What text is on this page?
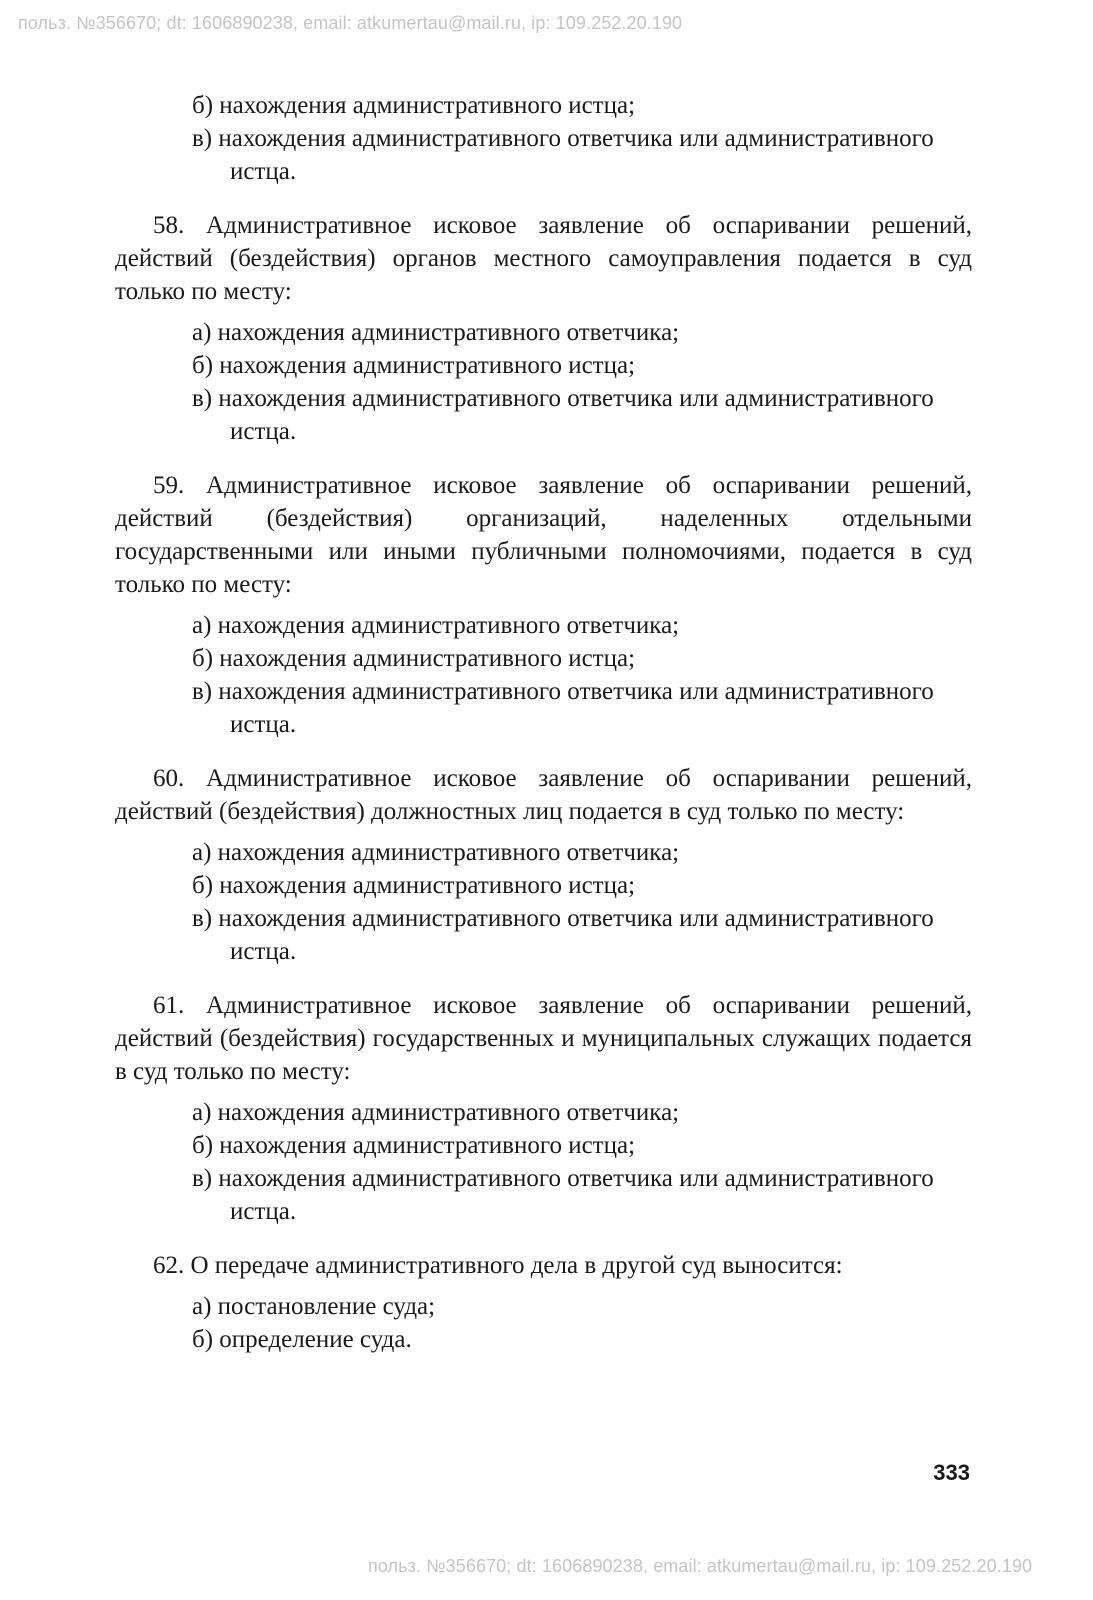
польз. №356670; dt: 1606890238, email: atkumertau@mail.ru, ip: 109.252.20.190
б) нахождения административного истца;
в) нахождения административного ответчика или административного истца.

58. Административное исковое заявление об оспаривании решений, действий (бездействия) органов местного самоуправления подается в суд только по месту:

а) нахождения административного ответчика;
б) нахождения административного истца;
в) нахождения административного ответчика или административного истца.

59. Административное исковое заявление об оспаривании решений, действий (бездействия) организаций, наделенных отдельными государственными или иными публичными полномочиями, подается в суд только по месту:

а) нахождения административного ответчика;
б) нахождения административного истца;
в) нахождения административного ответчика или административного истца.

60. Административное исковое заявление об оспаривании решений, действий (бездействия) должностных лиц подается в суд только по месту:

а) нахождения административного ответчика;
б) нахождения административного истца;
в) нахождения административного ответчика или административного истца.

61. Административное исковое заявление об оспаривании решений, действий (бездействия) государственных и муниципальных служащих подается в суд только по месту:

а) нахождения административного ответчика;
б) нахождения административного истца;
в) нахождения административного ответчика или административного истца.

62. О передаче административного дела в другой суд выносится:

а) постановление суда;
б) определение суда.
333
польз. №356670; dt: 1606890238, email: atkumertau@mail.ru, ip: 109.252.20.190
